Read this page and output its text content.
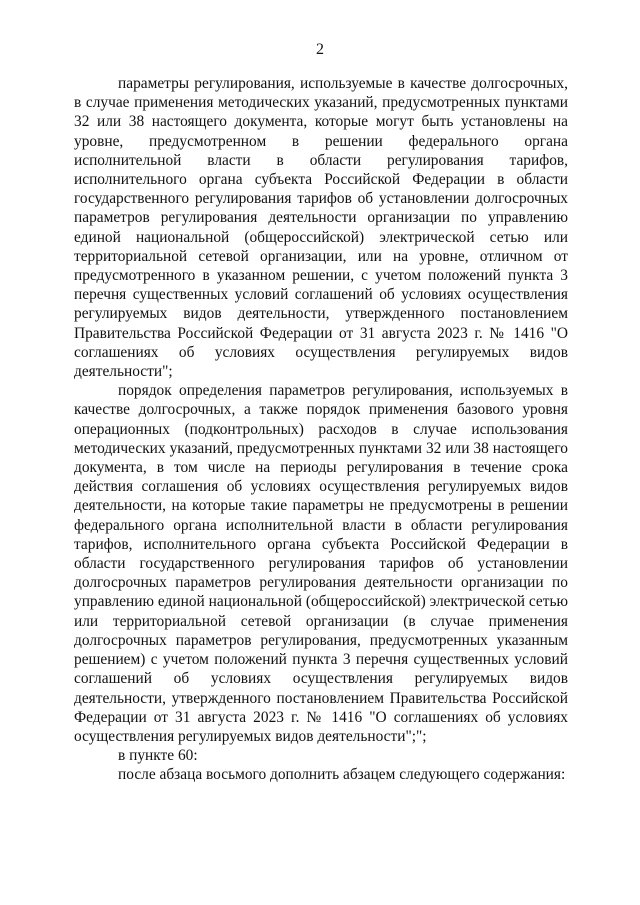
2

параметры регулирования, используемые в качестве долгосрочных, в случае применения методических указаний, предусмотренных пунктами 32 или 38 настоящего документа, которые могут быть установлены на уровне, предусмотренном в решении федерального органа исполнительной власти в области регулирования тарифов, исполнительного органа субъекта Российской Федерации в области государственного регулирования тарифов об установлении долгосрочных параметров регулирования деятельности организации по управлению единой национальной (общероссийской) электрической сетью или территориальной сетевой организации, или на уровне, отличном от предусмотренного в указанном решении, с учетом положений пункта 3 перечня существенных условий соглашений об условиях осуществления регулируемых видов деятельности, утвержденного постановлением Правительства Российской Федерации от 31 августа 2023 г. № 1416 "О соглашениях об условиях осуществления регулируемых видов деятельности";

порядок определения параметров регулирования, используемых в качестве долгосрочных, а также порядок применения базового уровня операционных (подконтрольных) расходов в случае использования методических указаний, предусмотренных пунктами 32 или 38 настоящего документа, в том числе на периоды регулирования в течение срока действия соглашения об условиях осуществления регулируемых видов деятельности, на которые такие параметры не предусмотрены в решении федерального органа исполнительной власти в области регулирования тарифов, исполнительного органа субъекта Российской Федерации в области государственного регулирования тарифов об установлении долгосрочных параметров регулирования деятельности организации по управлению единой национальной (общероссийской) электрической сетью или территориальной сетевой организации (в случае применения долгосрочных параметров регулирования, предусмотренных указанным решением) с учетом положений пункта 3 перечня существенных условий соглашений об условиях осуществления регулируемых видов деятельности, утвержденного постановлением Правительства Российской Федерации от 31 августа 2023 г. № 1416 "О соглашениях об условиях осуществления регулируемых видов деятельности";";

в пункте 60:

после абзаца восьмого дополнить абзацем следующего содержания:
